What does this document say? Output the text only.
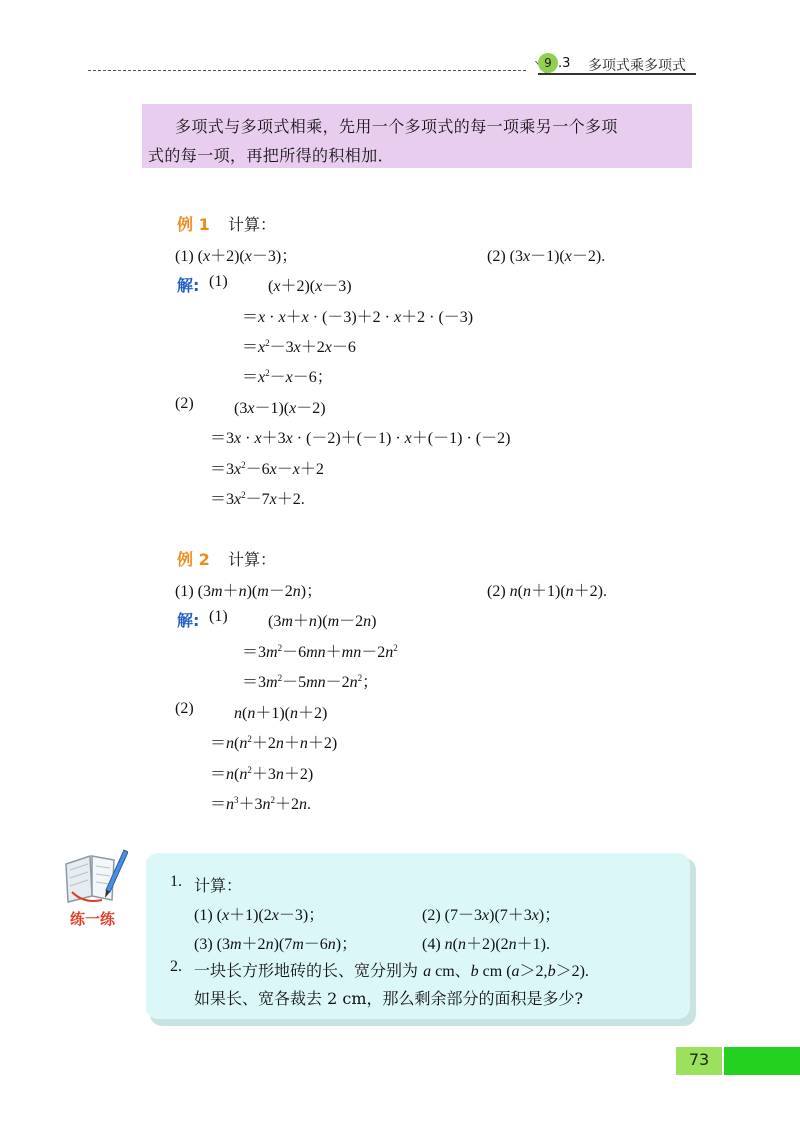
9 .3 多项式乘多项式
多项式与多项式相乘，先用一个多项式的每一项乘另一个多项
式的每一项，再把所得的积相加．
例 1 计算：
(1) (x＋2)(x－3)；	(2) (3x－1)(x－2).
解: (1)	(x＋2)(x－3)
＝x · x＋x · (－3)＋2 · x＋2 · (－3)
$=x^2-3x+2x-6$
$=x^2-x-6$；
(2)	(3x－1)(x－2)
＝3x · x＋3x · (－2)＋(－1) · x＋(－1) · (－2)
$=3x^2-6x-x+2$
$=3x^2-7x+2$.
例 2 计算：
(1) (3m＋n)(m－2n)；	(2) n(n＋1)(n＋2).
解: (1)	(3m＋n)(m－2n)
$=3m^2-6mn+mn-2n^2$
$=3m^2-5mn-2n^2$；
(2)	n(n＋1)(n＋2)
$=n(n^2+2n+n+2)$
$=n(n^2+3n+2)$
$=n^3+3n^2+2n$.
练一练
1. 计算：
(1) (x＋1)(2x－3)；	(2) (7－3x)(7＋3x)；
(3) (3m＋2n)(7m－6n)；	(4) n(n＋2)(2n＋1).
2. 一块长方形地砖的长、宽分别为 a cm、b cm (a＞2,b＞2).
如果长、宽各裁去 2 cm，那么剩余部分的面积是多少?
73
